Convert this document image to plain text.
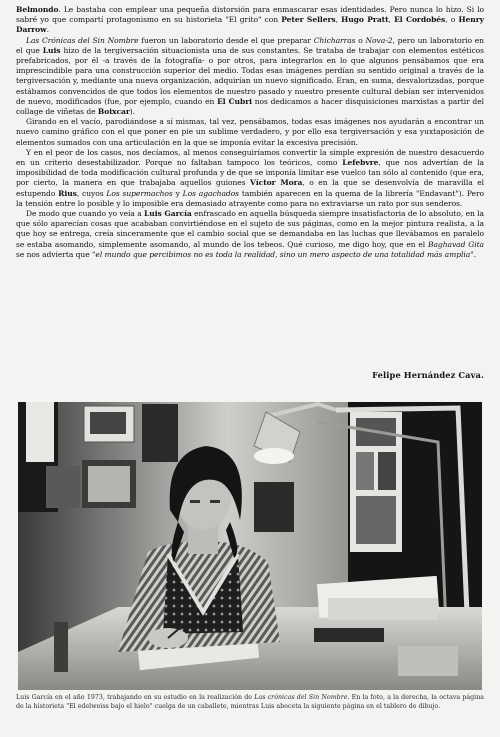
Belmondo. Le bastaba con emplear una pequeña distorsión para enmascarar esas identidades. Pero nunca lo hizo. Si lo sabré yo que compartí protagonismo en su historieta "El grito" con Peter Sellers, Hugo Pratt, El Cordobés, o Henry Darrow.

Las Crónicas del Sin Nombre fueron un laboratorio desde el que preparar Chicharras o Nova-2, pero un laboratorio en el que Luis hizo de la tergiversación situacionista una de sus constantes. Se trataba de trabajar con elementos estéticos prefabricados, por él -a través de la fotografía- o por otros, para integrarlos en lo que algunos pensábamos que era imprescindible para una construcción superior del medio. Todas esas imágenes perdían su sentido original a través de la tergiversación y, mediante una nueva organización, adquirían un nuevo significado. Eran, en suma, desvalorizadas, porque estábamos convencidos de que todos los elementos de nuestro pasado y nuestro presente cultural debían ser intervenidos de nuevo, modificados (fue, por ejemplo, cuando en El Cubri nos dedicamos a hacer disquisiciones marxistas a partir del collage de viñetas de Boixcar).

Girando en el vacío, parodiándose a sí mismas, tal vez, pensábamos, todas esas imágenes nos ayudarán a encontrar un nuevo camino gráfico con el que poner en pie un sublime verdadero, y por ello esa tergiversación y esa yuxtaposición de elementos sumados con una articulación en la que se imponía evitar la excesiva precisión.

Y en el peor de los casos, nos decíamos, al menos conseguiríamos convertir la simple expresión de nuestro desacuerdo en un criterio desestabilizador. Porque no faltaban tampoco los teóricos, como Lefebvre, que nos advertían de la imposibilidad de toda modificación cultural profunda y de que se imponía limitar ese vuelco tan sólo al contenido (que era, por cierto, la manera en que trabajaba aquellos guiones Víctor Mora, o en la que se desenvolvía de maravilla el estupendo Rius, cuyos Los supermachos y Los agachados también aparecen en la quema de la librería "Endavant"). Pero la tensión entre lo posible y lo imposible era demasiado atrayente como para no extraviarse un rato por sus senderos.

De modo que cuando yo veía a Luis García enfrascado en aquella búsqueda siempre insatisfactoria de lo absoluto, en la que sólo aparecían cosas que acababan convirtiéndose en el sujeto de sus páginas, como en la mejor pintura realista, a la que hoy se entrega, creía sinceramente que el cambio social que se demandaba en las luchas que llevábamos en paralelo se estaba asomando, simplemente asomando, al mundo de los tebeos. Qué curioso, me digo hoy, que en el Baghavad Gita se nos advierta que "el mundo que percibimos no es toda la realidad, sino un mero aspecto de una totalidad más amplia".

Felipe Hernández Cava.
Luis García en el año 1973, trabajando en su estudio en la realización de Las crónicas del Sin Nombre. En la foto, a la derecha, la octava página de la historieta "El edelweiss bajo el hielo" cuelga de un caballete, mientras Luis aboceta la siguiente página en el tablero de dibujo.
